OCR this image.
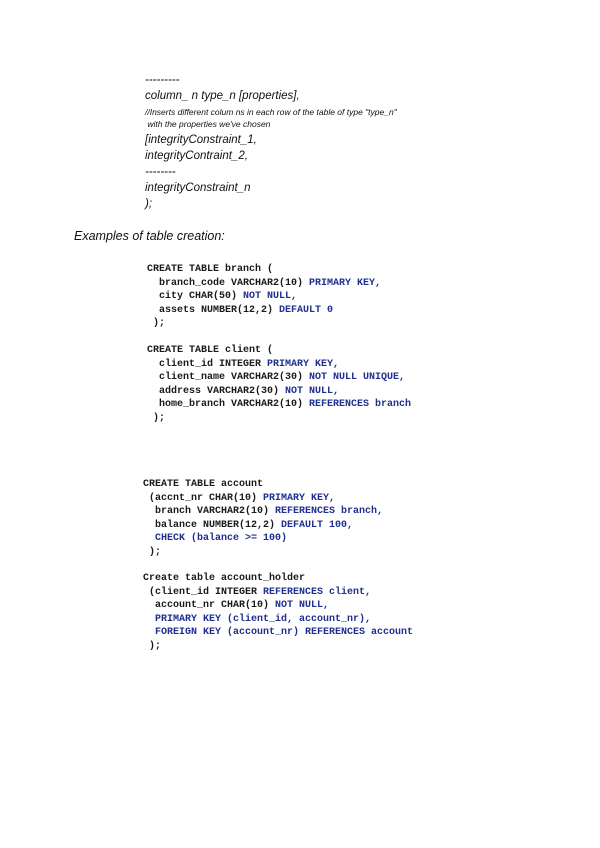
---------
column_ n type_n [properties],
//Inserts different colum ns in each row of the table of type "type_n"
with the properties we've chosen
[integrityConstraint_1,
integrityContraint_2,
--------
integrityConstraint_n
);
Examples of table creation:
CREATE TABLE branch (
branch_code VARCHAR2(10) PRIMARY KEY,
city CHAR(50) NOT NULL,
assets NUMBER(12,2) DEFAULT 0
);
CREATE TABLE client (
client_id INTEGER PRIMARY KEY,
client_name VARCHAR2(30) NOT NULL UNIQUE,
address VARCHAR2(30) NOT NULL,
home_branch VARCHAR2(10) REFERENCES branch
);
CREATE TABLE account
(accnt_nr CHAR(10) PRIMARY KEY,
branch VARCHAR2(10) REFERENCES branch,
balance NUMBER(12,2) DEFAULT 100,
CHECK (balance >= 100)
);
Create table account_holder
(client_id INTEGER REFERENCES client,
account_nr CHAR(10) NOT NULL,
PRIMARY KEY (client_id, account_nr),
FOREIGN KEY (account_nr) REFERENCES account
);
